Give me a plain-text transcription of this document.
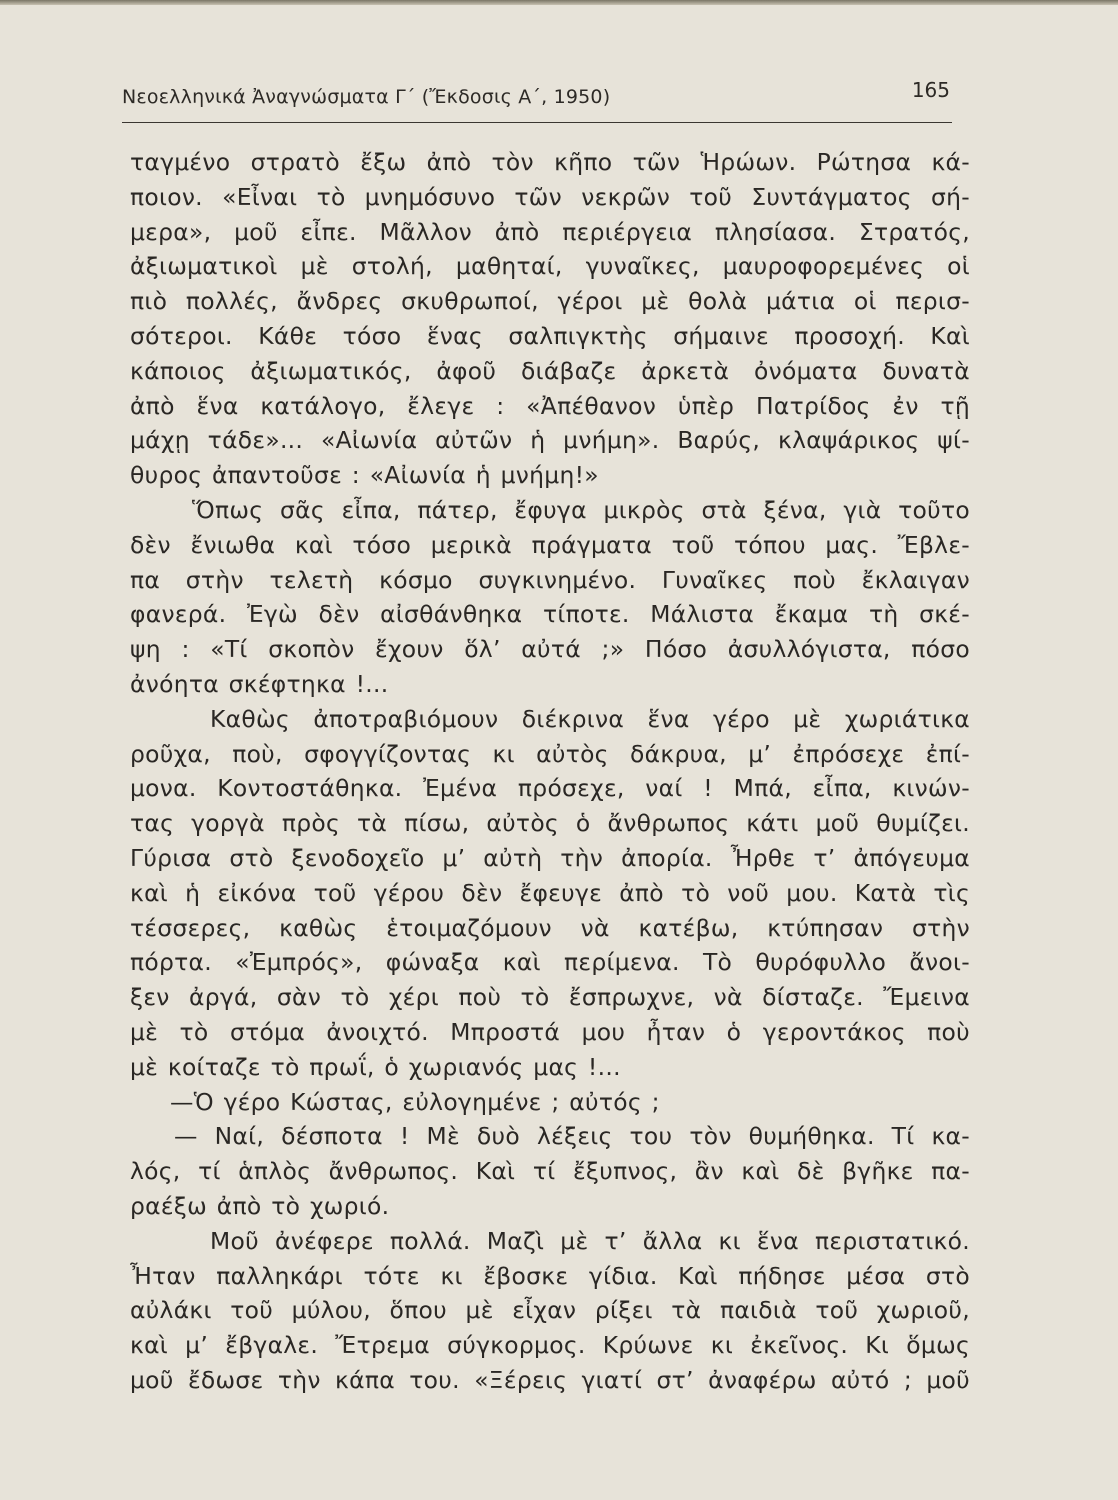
Νεοελληνικά Ἀναγνώσματα Γ΄ (Ἔκδοσις Α΄, 1950)	165
ταγμένο στρατὸ ἔξω ἀπὸ τὸν κῆπο τῶν Ἡρώων. Ρώτησα κά-
ποιον. «Εἶναι τὸ μνημόσυνο τῶν νεκρῶν τοῦ Συντάγματος σή-
μερα», μοῦ εἶπε. Μᾶλλον ἀπὸ περιέργεια πλησίασα. Στρατός,
ἀξιωματικοὶ μὲ στολή, μαθηταί, γυναῖκες, μαυροφορεμένες οἱ
πιὸ πολλές, ἄνδρες σκυθρωποί, γέροι μὲ θολὰ μάτια οἱ περισ-
σότεροι. Κάθε τόσο ἕνας σαλπιγκτὴς σήμαινε προσοχή. Καὶ
κάποιος ἀξιωματικός, ἀφοῦ διάβαζε ἀρκετὰ ὀνόματα δυνατὰ
ἀπὸ ἕνα κατάλογο, ἔλεγε : «Ἀπέθανον ὑπὲρ Πατρίδος ἐν τῇ
μάχῃ τάδε»... «Αἰωνία αὐτῶν ἡ μνήμη». Βαρύς, κλαψάρικος ψί-
θυρος ἀπαντοῦσε : «Αἰωνία ἡ μνήμη!»
Ὅπως σᾶς εἶπα, πάτερ, ἔφυγα μικρὸς στὰ ξένα, γιὰ τοῦτο
δὲν ἔνιωθα καὶ τόσο μερικὰ πράγματα τοῦ τόπου μας. Ἔβλε-
πα στὴν τελετὴ κόσμο συγκινημένο. Γυναῖκες ποὺ ἔκλαιγαν
φανερά. Ἐγὼ δὲν αἰσθάνθηκα τίποτε. Μάλιστα ἔκαμα τὴ σκέ-
ψη : «Τί σκοπὸν ἔχουν ὅλ’ αὐτά ;» Πόσο ἀσυλλόγιστα, πόσο
ἀνόητα σκέφτηκα !...
Καθὼς ἀποτραβιόμουν διέκρινα ἕνα γέρο μὲ χωριάτικα
ροῦχα, ποὺ, σφογγίζοντας κι αὐτὸς δάκρυα, μ’ ἐπρόσεχε ἐπί-
μονα. Κοντοστάθηκα. Ἐμένα πρόσεχε, ναί ! Μπά, εἶπα, κινών-
τας γοργὰ πρὸς τὰ πίσω, αὐτὸς ὁ ἄνθρωπος κάτι μοῦ θυμίζει.
Γύρισα στὸ ξενοδοχεῖο μ’ αὐτὴ τὴν ἀπορία. Ἦρθε τ’ ἀπόγευμα
καὶ ἡ εἰκόνα τοῦ γέρου δὲν ἔφευγε ἀπὸ τὸ νοῦ μου. Κατὰ τὶς
τέσσερες, καθὼς ἑτοιμαζόμουν νὰ κατέβω, κτύπησαν στὴν
πόρτα. «Ἐμπρός», φώναξα καὶ περίμενα. Τὸ θυρόφυλλο ἄνοι-
ξεν ἀργά, σὰν τὸ χέρι ποὺ τὸ ἔσπρωχνε, νὰ δίσταζε. Ἔμεινα
μὲ τὸ στόμα ἀνοιχτό. Μπροστά μου ἦταν ὁ γεροντάκος ποὺ
μὲ κοίταζε τὸ πρωΐ, ὁ χωριανός μας !...
—Ὁ γέρο Κώστας, εὐλογημένε ; αὐτός ;
— Ναί, δέσποτα ! Μὲ δυὸ λέξεις του τὸν θυμήθηκα. Τί κα-
λός, τί ἁπλὸς ἄνθρωπος. Καὶ τί ἔξυπνος, ἂν καὶ δὲ βγῆκε πα-
ραέξω ἀπὸ τὸ χωριό.
Μοῦ ἀνέφερε πολλά. Μαζὶ μὲ τ’ ἄλλα κι ἕνα περιστατικό.
Ἦταν παλληκάρι τότε κι ἔβοσκε γίδια. Καὶ πήδησε μέσα στὸ
αὐλάκι τοῦ μύλου, ὅπου μὲ εἶχαν ρίξει τὰ παιδιὰ τοῦ χωριοῦ,
καὶ μ’ ἔβγαλε. Ἔτρεμα σύγκορμος. Κρύωνε κι ἐκεῖνος. Κι ὅμως
μοῦ ἔδωσε τὴν κάπα του. «Ξέρεις γιατί στ’ ἀναφέρω αὐτό ; μοῦ
